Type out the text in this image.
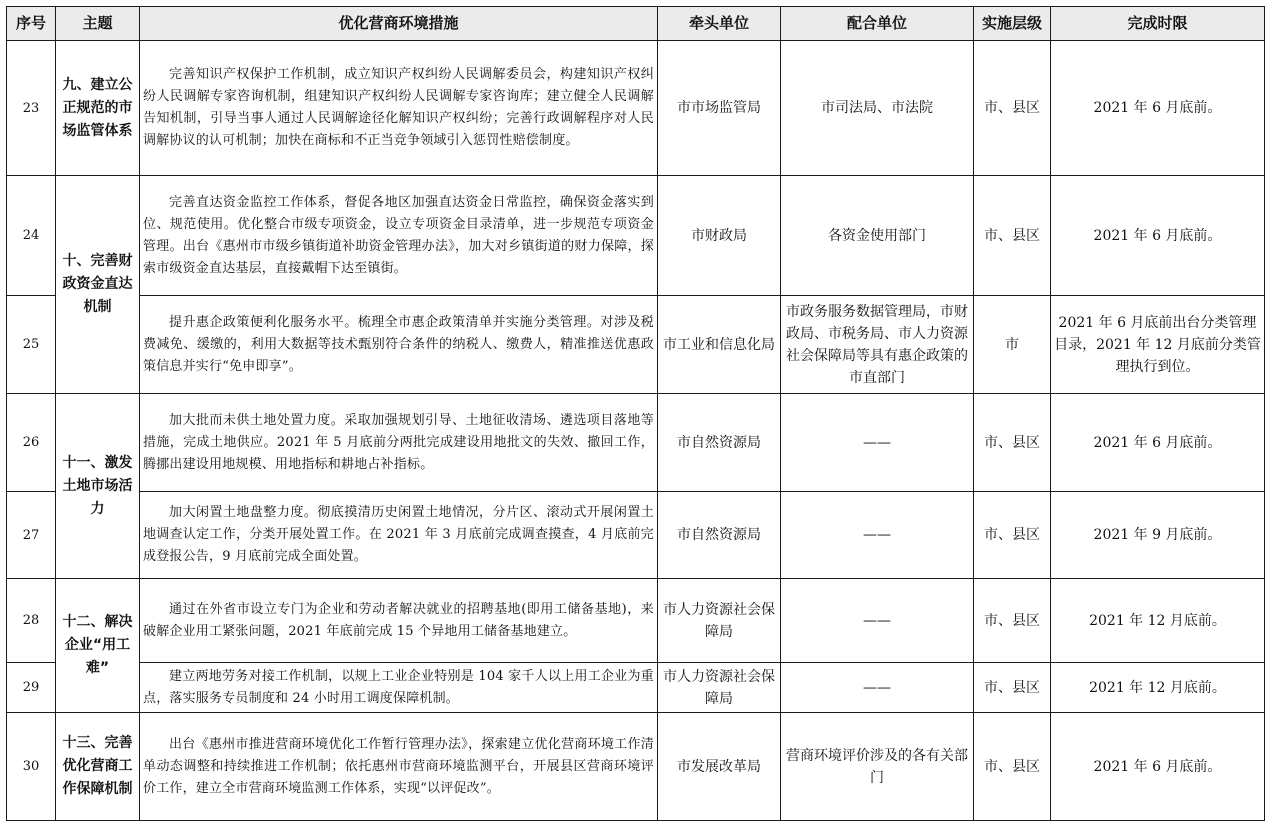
序号	主题	优化营商环境措施	牵头单位	配合单位	实施层级	完成时限
23	九、建立公正规范的市场监管体系	完善知识产权保护工作机制，成立知识产权纠纷人民调解委员会，构建知识产权纠纷人民调解专家咨询机制，组建知识产权纠纷人民调解专家咨询库；建立健全人民调解告知机制，引导当事人通过人民调解途径化解知识产权纠纷；完善行政调解程序对人民调解协议的认可机制；加快在商标和不正当竞争领域引入惩罚性赔偿制度。	市市场监管局	市司法局、市法院	市、县区	2021 年 6 月底前。
24	十、完善财政资金直达机制	完善直达资金监控工作体系，督促各地区加强直达资金日常监控，确保资金落实到位、规范使用。优化整合市级专项资金，设立专项资金目录清单，进一步规范专项资金管理。出台《惠州市市级乡镇街道补助资金管理办法》，加大对乡镇街道的财力保障，探索市级资金直达基层，直接戴帽下达至镇街。	市财政局	各资金使用部门	市、县区	2021 年 6 月底前。
25		提升惠企政策便利化服务水平。梳理全市惠企政策清单并实施分类管理。对涉及税费减免、缓缴的，利用大数据等技术甄别符合条件的纳税人、缴费人，精准推送优惠政策信息并实行“免申即享”。	市工业和信息化局	市政务服务数据管理局，市财政局、市税务局、市人力资源社会保障局等具有惠企政策的市直部门	市	2021 年 6 月底前出台分类管理目录，2021 年 12 月底前分类管理执行到位。
26	十一、激发土地市场活力	加大批而未供土地处置力度。采取加强规划引导、土地征收清场、遴选项目落地等措施，完成土地供应。2021 年 5 月底前分两批完成建设用地批文的失效、撤回工作，腾挪出建设用地规模、用地指标和耕地占补指标。	市自然资源局	——	市、县区	2021 年 6 月底前。
27		加大闲置土地盘整力度。彻底摸清历史闲置土地情况，分片区、滚动式开展闲置土地调查认定工作，分类开展处置工作。在 2021 年 3 月底前完成调查摸查，4 月底前完成登报公告，9 月底前完成全面处置。	市自然资源局	——	市、县区	2021 年 9 月底前。
28	十二、解决企业“用工难”	通过在外省市设立专门为企业和劳动者解决就业的招聘基地(即用工储备基地)，来破解企业用工紧张问题，2021 年底前完成 15 个异地用工储备基地建立。	市人力资源社会保障局	——	市、县区	2021 年 12 月底前。
29		建立两地劳务对接工作机制，以规上工业企业特别是 104 家千人以上用工企业为重点，落实服务专员制度和 24 小时用工调度保障机制。	市人力资源社会保障局	——	市、县区	2021 年 12 月底前。
30	十三、完善优化营商工作保障机制	出台《惠州市推进营商环境优化工作暂行管理办法》，探索建立优化营商环境工作清单动态调整和持续推进工作机制；依托惠州市营商环境监测平台，开展县区营商环境评价工作，建立全市营商环境监测工作体系，实现“以评促改”。	市发展改革局	营商环境评价涉及的各有关部门	市、县区	2021 年 6 月底前。
